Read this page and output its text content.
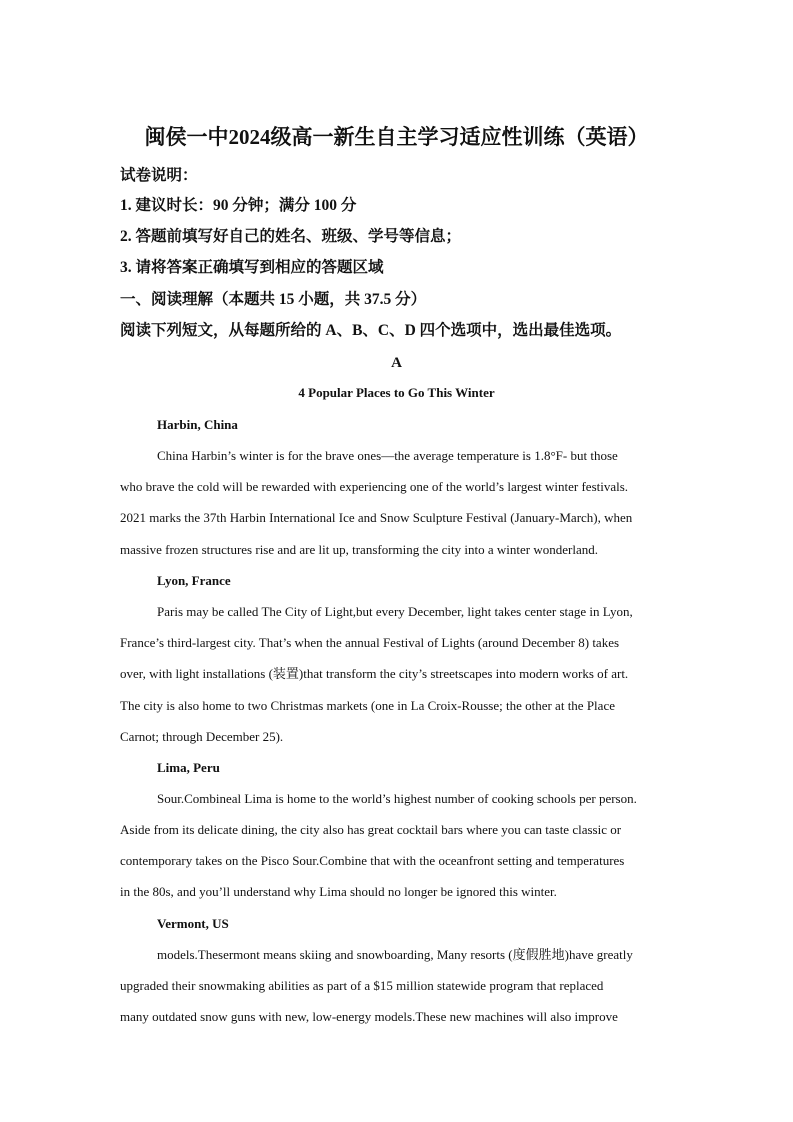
闽侯一中2024级高一新生自主学习适应性训练（英语）
试卷说明：
1. 建议时长：90 分钟；满分 100 分
2. 答题前填写好自己的姓名、班级、学号等信息；
3. 请将答案正确填写到相应的答题区域
一、阅读理解（本题共 15 小题，共 37.5 分）
阅读下列短文，从每题所给的 A、B、C、D 四个选项中，选出最佳选项。
A
4 Popular Places to Go This Winter
Harbin, China
China Harbin’s winter is for the brave ones—the average temperature is 1.8°F- but those
who brave the cold will be rewarded with experiencing one of the world’s largest winter festivals.
2021 marks the 37th Harbin International Ice and Snow Sculpture Festival (January-March), when
massive frozen structures rise and are lit up, transforming the city into a winter wonderland.
Lyon, France
Paris may be called The City of Light,but every December, light takes center stage in Lyon,
France’s third-largest city. That’s when the annual Festival of Lights (around December 8) takes
over, with light installations (装置)that transform the city’s streetscapes into modern works of art.
The city is also home to two Christmas markets (one in La Croix-Rousse; the other at the Place
Carnot; through December 25).
Lima, Peru
Sour.Combineal Lima is home to the world’s highest number of cooking schools per person.
Aside from its delicate dining, the city also has great cocktail bars where you can taste classic or
contemporary takes on the Pisco Sour.Combine that with the oceanfront setting and temperatures
in the 80s, and you’ll understand why Lima should no longer be ignored this winter.
Vermont, US
models.Thesermont means skiing and snowboarding, Many resorts (度假胜地)have greatly
upgraded their snowmaking abilities as part of a $15 million statewide program that replaced
many outdated snow guns with new, low-energy models.These new machines will also improve
